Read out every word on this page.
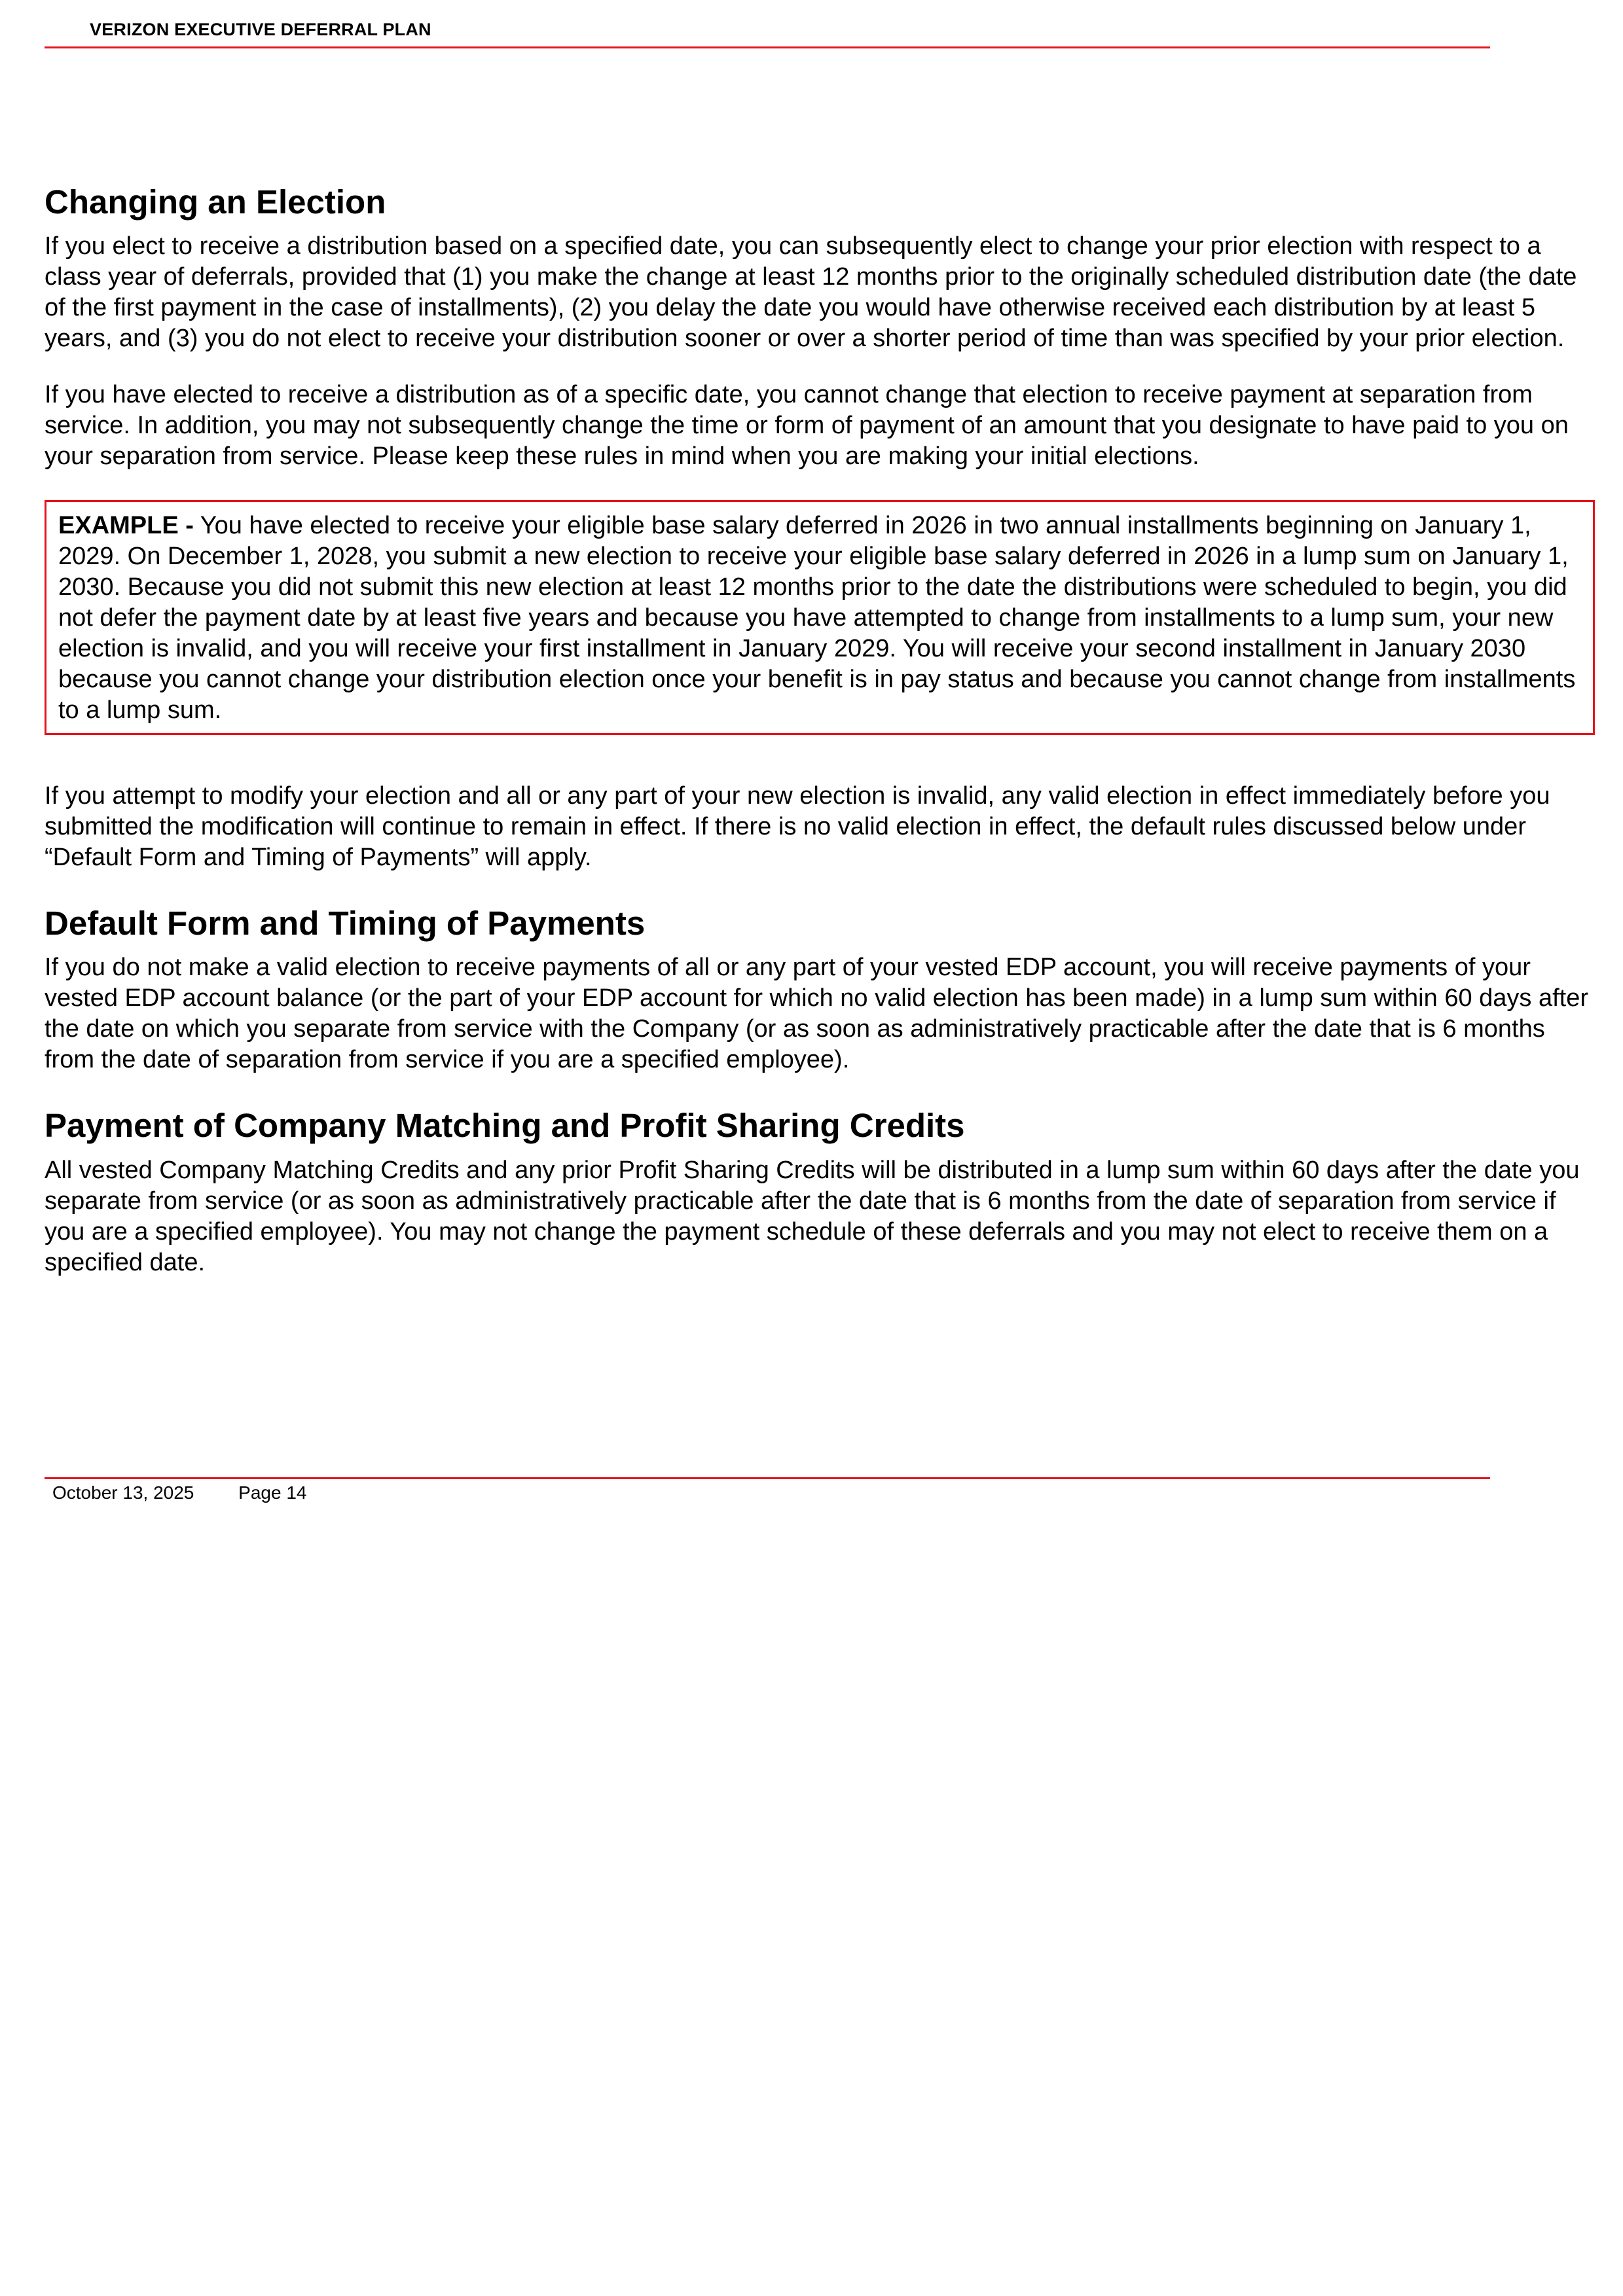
VERIZON EXECUTIVE DEFERRAL PLAN
Changing an Election

If you elect to receive a distribution based on a specified date, you can subsequently elect to change your prior election with respect to a class year of deferrals, provided that (1) you make the change at least 12 months prior to the originally scheduled distribution date (the date of the first payment in the case of installments), (2) you delay the date you would have otherwise received each distribution by at least 5 years, and (3) you do not elect to receive your distribution sooner or over a shorter period of time than was specified by your prior election.

If you have elected to receive a distribution as of a specific date, you cannot change that election to receive payment at separation from service. In addition, you may not subsequently change the time or form of payment of an amount that you designate to have paid to you on your separation from service. Please keep these rules in mind when you are making your initial elections.

EXAMPLE - You have elected to receive your eligible base salary deferred in 2026 in two annual installments beginning on January 1, 2029. On December 1, 2028, you submit a new election to receive your eligible base salary deferred in 2026 in a lump sum on January 1, 2030. Because you did not submit this new election at least 12 months prior to the date the distributions were scheduled to begin, you did not defer the payment date by at least five years and because you have attempted to change from installments to a lump sum, your new election is invalid, and you will receive your first installment in January 2029. You will receive your second installment in January 2030 because you cannot change your distribution election once your benefit is in pay status and because you cannot change from installments to a lump sum.

If you attempt to modify your election and all or any part of your new election is invalid, any valid election in effect immediately before you submitted the modification will continue to remain in effect. If there is no valid election in effect, the default rules discussed below under “Default Form and Timing of Payments” will apply.

Default Form and Timing of Payments

If you do not make a valid election to receive payments of all or any part of your vested EDP account, you will receive payments of your vested EDP account balance (or the part of your EDP account for which no valid election has been made) in a lump sum within 60 days after the date on which you separate from service with the Company (or as soon as administratively practicable after the date that is 6 months from the date of separation from service if you are a specified employee).

Payment of Company Matching and Profit Sharing Credits

All vested Company Matching Credits and any prior Profit Sharing Credits will be distributed in a lump sum within 60 days after the date you separate from service (or as soon as administratively practicable after the date that is 6 months from the date of separation from service if you are a specified employee). You may not change the payment schedule of these deferrals and you may not elect to receive them on a specified date.

October 13, 2025 Page 14
